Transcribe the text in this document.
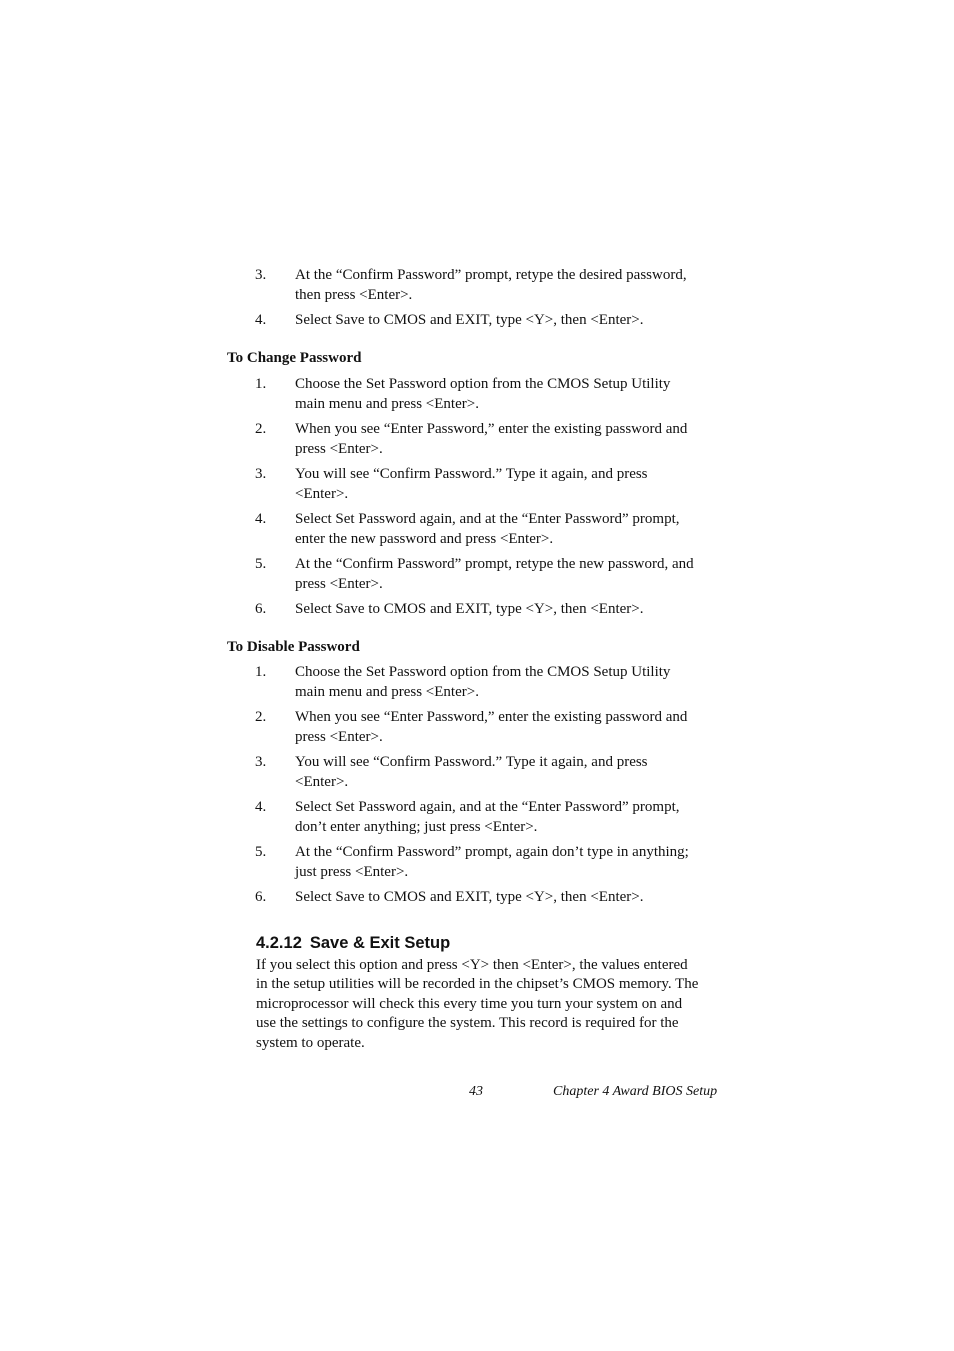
3.	At the “Confirm Password” prompt, retype the desired password,
then press <Enter>.
4.	Select Save to CMOS and EXIT, type <Y>, then <Enter>.
To Change Password
1.	Choose the Set Password option from the CMOS Setup Utility
main menu and press <Enter>.
2.	When you see “Enter Password,” enter the existing password and
press <Enter>.
3.	You will see “Confirm Password.” Type it again, and press
<Enter>.
4.	Select Set Password again, and at the “Enter Password” prompt,
enter the new password and press <Enter>.
5.	At the “Confirm Password” prompt, retype the new password, and
press <Enter>.
6.	Select Save to CMOS and EXIT, type <Y>, then <Enter>.
To Disable Password
1.	Choose the Set Password option from the CMOS Setup Utility
main menu and press <Enter>.
2.	When you see “Enter Password,” enter the existing password and
press <Enter>.
3.	You will see “Confirm Password.” Type it again, and press
<Enter>.
4.	Select Set Password again, and at the “Enter Password” prompt,
don’t enter anything; just press <Enter>.
5.	At the “Confirm Password” prompt, again don’t type in anything;
just press <Enter>.
6.	Select Save to CMOS and EXIT, type <Y>, then <Enter>.
4.2.12 Save & Exit Setup
If you select this option and press <Y> then <Enter>, the values entered
in the setup utilities will be recorded in the chipset’s CMOS memory. The
microprocessor will check this every time you turn your system on and
use the settings to configure the system. This record is required for the
system to operate.
43	Chapter 4 Award BIOS Setup
